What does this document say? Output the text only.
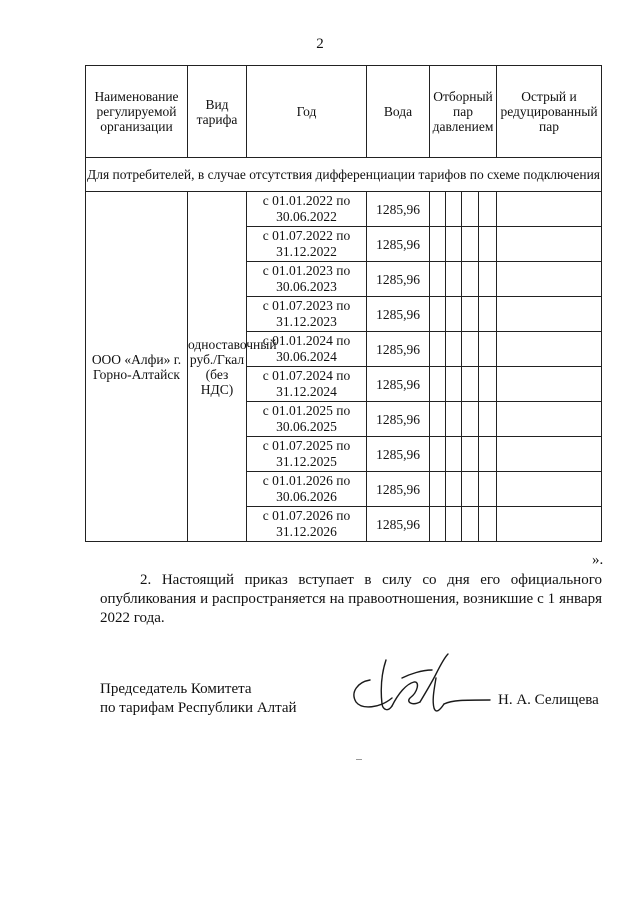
2
Наименование регулируемой организации	Вид тарифа	Год	Вода	Отборный пар давлением				Острый и редуцированный пар
Для потребителей, в случае отсутствия дифференциации тарифов по схеме подключения								
ООО «Алфи» г. Горно-Алтайск	одноставочный руб./Гкал (без НДС)	с 01.01.2022 по 30.06.2022	1285,96					
		с 01.07.2022 по 31.12.2022	1285,96					
		с 01.01.2023 по 30.06.2023	1285,96					
		с 01.07.2023 по 31.12.2023	1285,96					
		с 01.01.2024 по 30.06.2024	1285,96					
		с 01.07.2024 по 31.12.2024	1285,96					
		с 01.01.2025 по 30.06.2025	1285,96					
		с 01.07.2025 по 31.12.2025	1285,96					
		с 01.01.2026 по 30.06.2026	1285,96					
		с 01.07.2026 по 31.12.2026	1285,96					
».
2. Настоящий приказ вступает в силу со дня его официального опубликования и распространяется на правоотношения, возникшие с 1 января 2022 года.
Председатель Комитета
по тарифам Республики Алтай	Н. А. Селищева
